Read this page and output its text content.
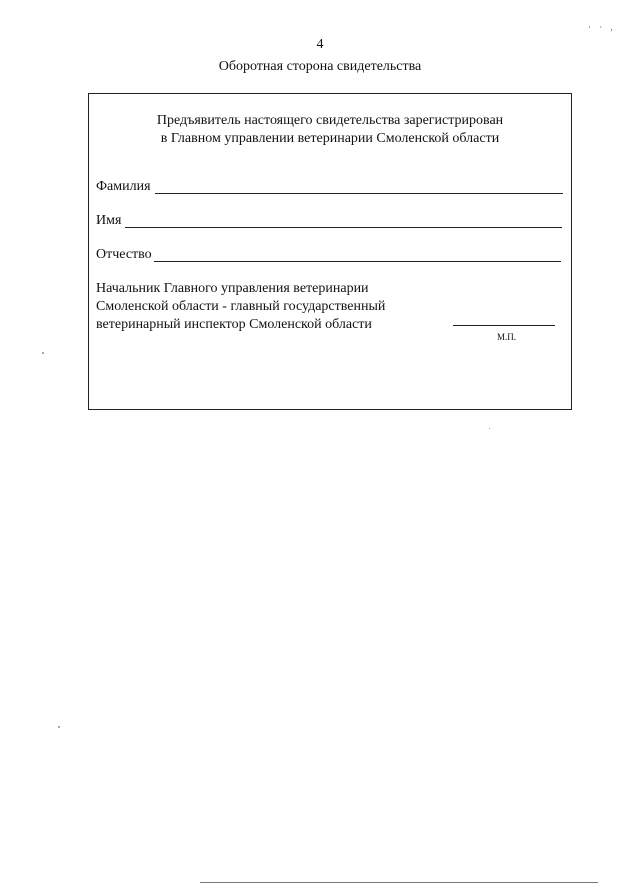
4
Оборотная сторона свидетельства
· · ,
Предъявитель настоящего свидетельства зарегистрирован
в Главном управлении ветеринарии Смоленской области
Фамилия
Имя
Отчество
Начальник Главного управления ветеринарии
Смоленской области - главный государственный
ветеринарный инспектор Смоленской области
М.П.
